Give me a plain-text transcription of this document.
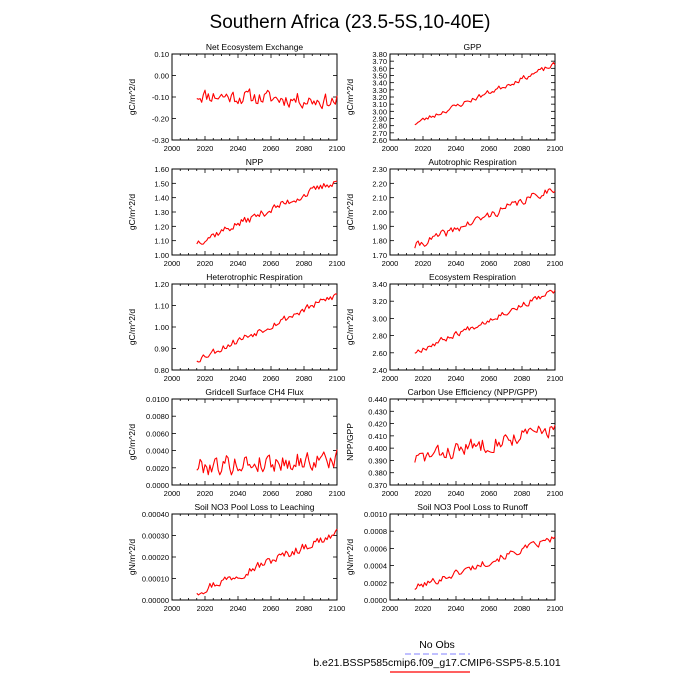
Southern Africa (23.5-5S,10-40E)
Net Ecosystem Exchange
gC/m^2/d
-0.30
-0.20
-0.10
0.00
0.10
2000 2020 2040 2060 2080 2100
GPP
gC/m^2/d
2.60
2.70
2.80
2.90
3.00
3.10
3.20
3.30
3.40
3.50
3.60
3.70
3.80
2000 2020 2040 2060 2080 2100
NPP
gC/m^2/d
1.00
1.10
1.20
1.30
1.40
1.50
1.60
2000 2020 2040 2060 2080 2100
Autotrophic Respiration
gC/m^2/d
1.70
1.80
1.90
2.00
2.10
2.20
2.30
2000 2020 2040 2060 2080 2100
Heterotrophic Respiration
gC/m^2/d
0.80
0.90
1.00
1.10
1.20
2000 2020 2040 2060 2080 2100
Ecosystem Respiration
gC/m^2/d
2.40
2.60
2.80
3.00
3.20
3.40
2000 2020 2040 2060 2080 2100
Gridcell Surface CH4 Flux
gC/m^2/d
0.0000
0.0020
0.0040
0.0060
0.0080
0.0100
2000 2020 2040 2060 2080 2100
Carbon Use Efficiency (NPP/GPP)
NPP/GPP
0.370
0.380
0.390
0.400
0.410
0.420
0.430
0.440
2000 2020 2040 2060 2080 2100
Soil NO3 Pool Loss to Leaching
gN/m^2/d
0.00000
0.00010
0.00020
0.00030
0.00040
2000 2020 2040 2060 2080 2100
Soil NO3 Pool Loss to Runoff
gN/m^2/d
0.0000
0.0002
0.0004
0.0006
0.0008
0.0010
2000 2020 2040 2060 2080 2100
No Obs
b.e21.BSSP585cmip6.f09_g17.CMIP6-SSP5-8.5.101
